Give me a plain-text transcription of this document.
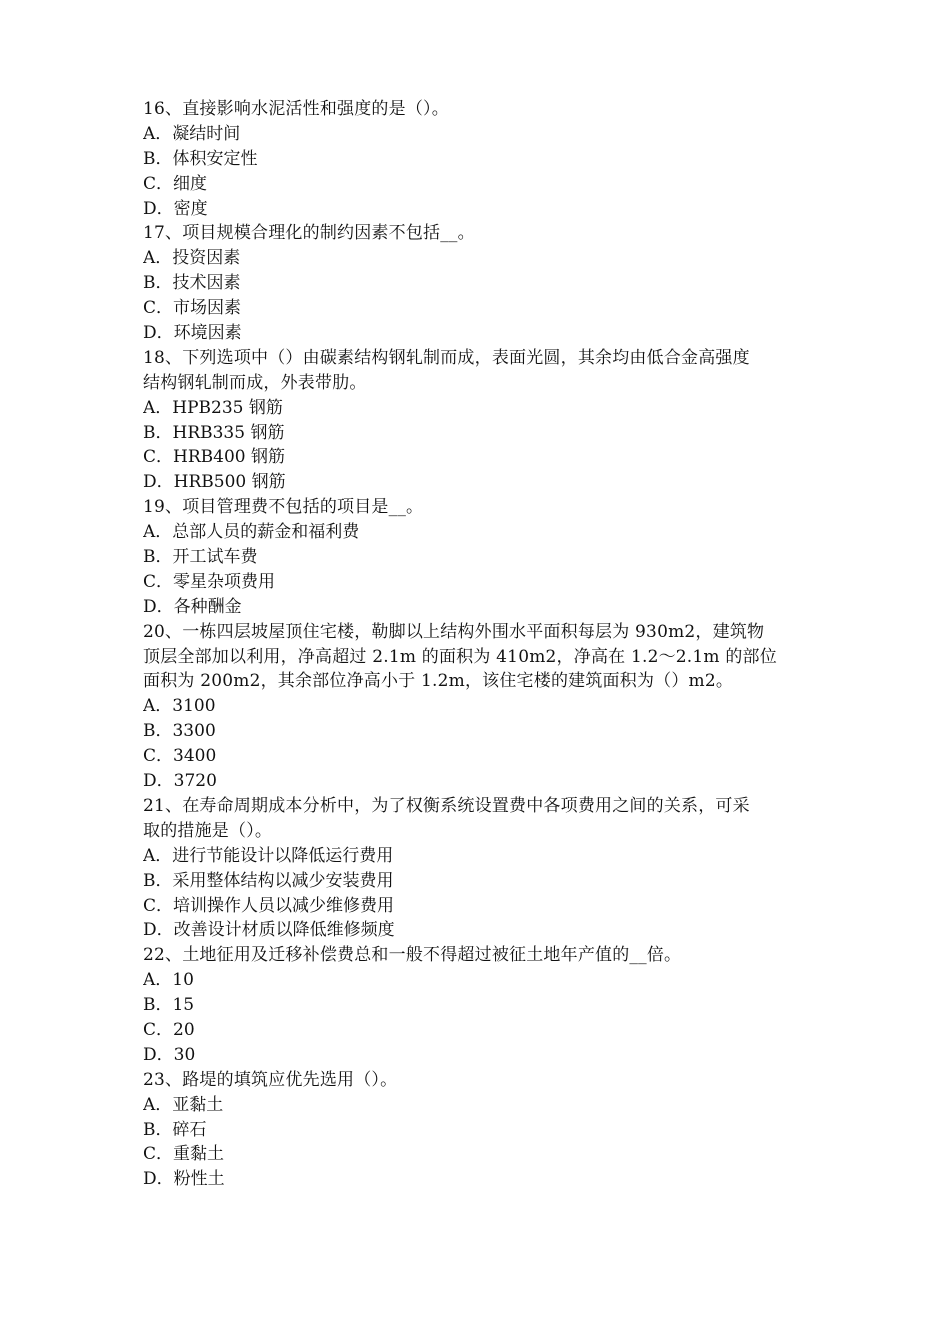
16、直接影响水泥活性和强度的是（）。
A．凝结时间
B．体积安定性
C．细度
D．密度
17、项目规模合理化的制约因素不包括__。
A．投资因素
B．技术因素
C．市场因素
D．环境因素
18、下列选项中（）由碳素结构钢轧制而成，表面光圆，其余均由低合金高强度
结构钢轧制而成，外表带肋。
A．HPB235 钢筋
B．HRB335 钢筋
C．HRB400 钢筋
D．HRB500 钢筋
19、项目管理费不包括的项目是__。
A．总部人员的薪金和福利费
B．开工试车费
C．零星杂项费用
D．各种酬金
20、一栋四层坡屋顶住宅楼，勒脚以上结构外围水平面积每层为 930m2，建筑物
顶层全部加以利用，净高超过 2.1m 的面积为 410m2，净高在 1.2～2.1m 的部位
面积为 200m2，其余部位净高小于 1.2m，该住宅楼的建筑面积为（）m2。
A．3100
B．3300
C．3400
D．3720
21、在寿命周期成本分析中，为了权衡系统设置费中各项费用之间的关系，可采
取的措施是（）。
A．进行节能设计以降低运行费用
B．采用整体结构以减少安装费用
C．培训操作人员以减少维修费用
D．改善设计材质以降低维修频度
22、土地征用及迁移补偿费总和一般不得超过被征土地年产值的__倍。
A．10
B．15
C．20
D．30
23、路堤的填筑应优先选用（）。
A．亚黏土
B．碎石
C．重黏土
D．粉性土
